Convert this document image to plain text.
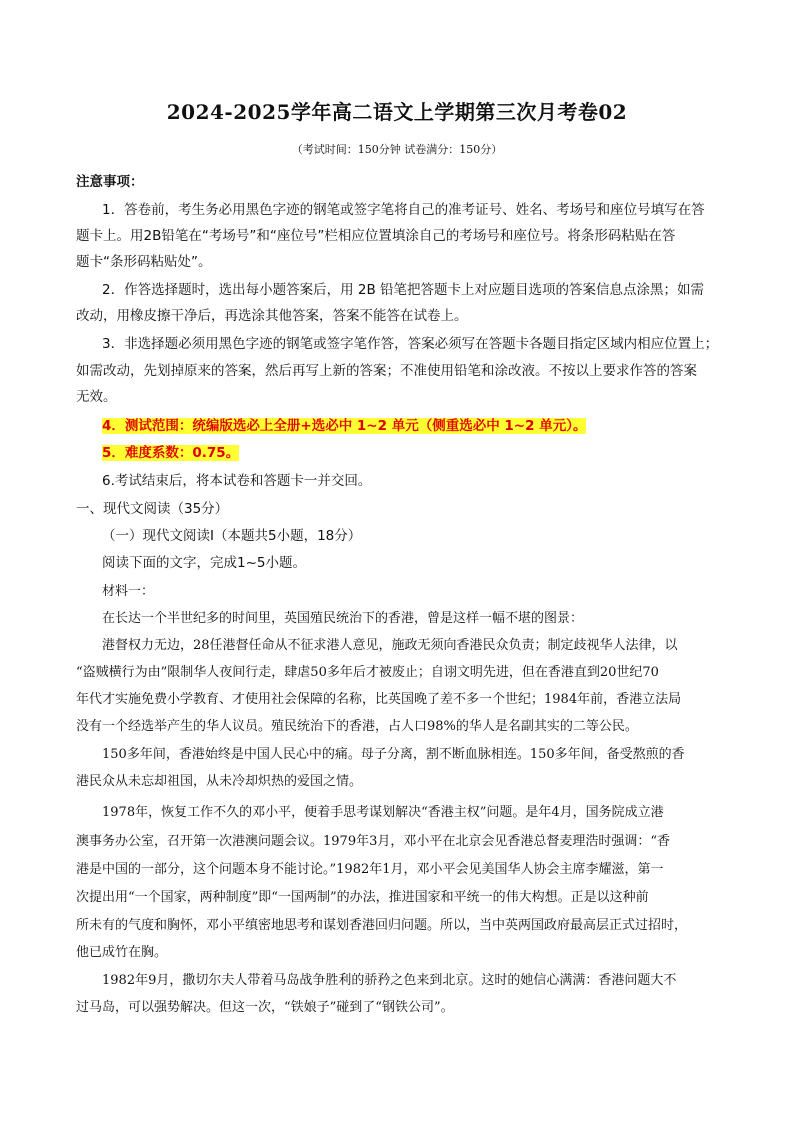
2024-2025学年高二语文上学期第三次月考卷02
（考试时间：150分钟 试卷满分：150分）
注意事项：
1．答卷前，考生务必用黑色字迹的钢笔或签字笔将自己的准考证号、姓名、考场号和座位号填写在答
题卡上。用2B铅笔在“考场号”和“座位号”栏相应位置填涂自己的考场号和座位号。将条形码粘贴在答
题卡“条形码粘贴处”。
2．作答选择题时，选出每小题答案后，用 2B 铅笔把答题卡上对应题目选项的答案信息点涂黑；如需
改动，用橡皮擦干净后，再选涂其他答案，答案不能答在试卷上。
3．非选择题必须用黑色字迹的钢笔或签字笔作答，答案必须写在答题卡各题目指定区域内相应位置上；
如需改动，先划掉原来的答案，然后再写上新的答案；不准使用铅笔和涂改液。不按以上要求作答的答案
无效。
4．测试范围：统编版选必上全册+选必中 1~2 单元（侧重选必中 1~2 单元）。
5．难度系数：0.75。
6.考试结束后，将本试卷和答题卡一并交回。
一、现代文阅读（35分）
（一）现代文阅读Ⅰ（本题共5小题，18分）
阅读下面的文字，完成1~5小题。
材料一：
在长达一个半世纪多的时间里，英国殖民统治下的香港，曾是这样一幅不堪的图景：
港督权力无边，28任港督任命从不征求港人意见，施政无须向香港民众负责；制定歧视华人法律，以
“盗贼横行为由”限制华人夜间行走，肆虐50多年后才被废止；自诩文明先进，但在香港直到20世纪70
年代才实施免费小学教育、才使用社会保障的名称，比英国晚了差不多一个世纪；1984年前，香港立法局
没有一个经选举产生的华人议员。殖民统治下的香港，占人口98%的华人是名副其实的二等公民。
150多年间，香港始终是中国人民心中的痛。母子分离，割不断血脉相连。150多年间，备受熬煎的香
港民众从未忘却祖国，从未冷却炽热的爱国之情。
1978年，恢复工作不久的邓小平，便着手思考谋划解决“香港主权”问题。是年4月，国务院成立港
澳事务办公室，召开第一次港澳问题会议。1979年3月，邓小平在北京会见香港总督麦理浩时强调：“香
港是中国的一部分，这个问题本身不能讨论。”1982年1月，邓小平会见美国华人协会主席李耀滋，第一
次提出用“一个国家，两种制度”即“一国两制”的办法，推进国家和平统一的伟大构想。正是以这种前
所未有的气度和胸怀，邓小平缜密地思考和谋划香港回归问题。所以，当中英两国政府最高层正式过招时，
他已成竹在胸。
1982年9月，撒切尔夫人带着马岛战争胜利的骄矜之色来到北京。这时的她信心满满：香港问题大不
过马岛，可以强势解决。但这一次，“铁娘子”碰到了“钢铁公司”。
